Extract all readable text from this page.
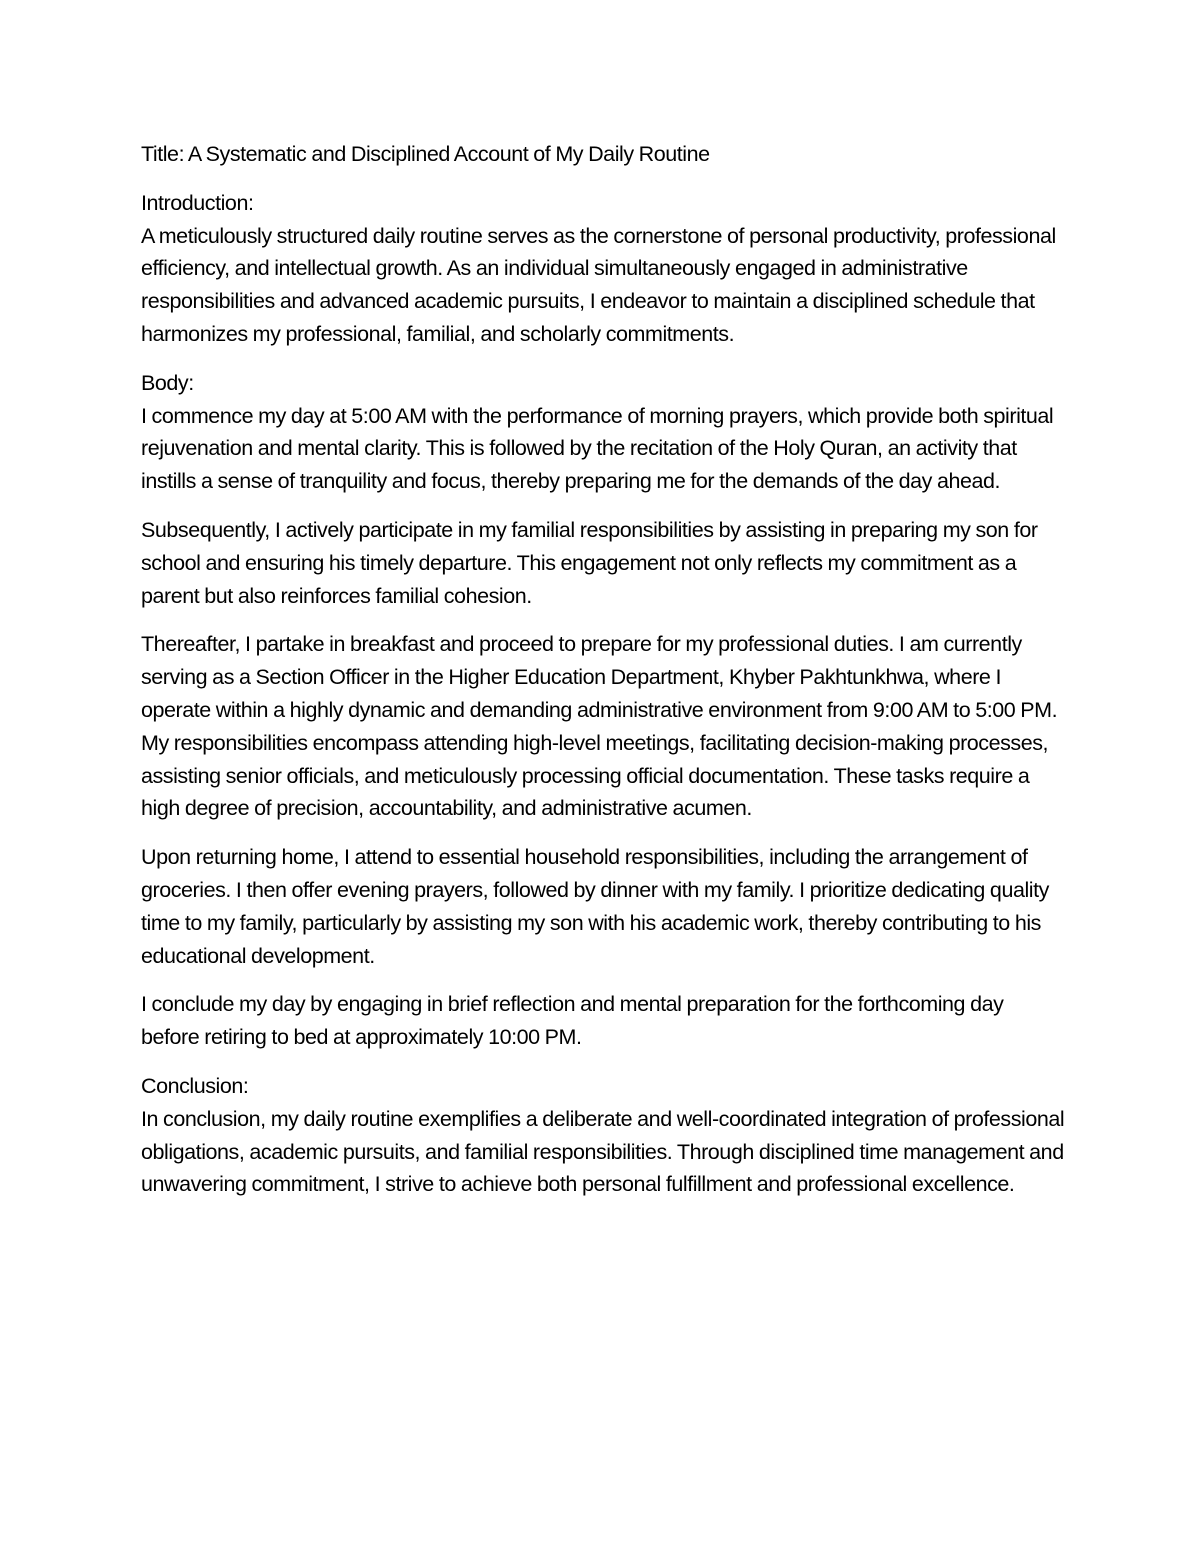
Title: A Systematic and Disciplined Account of My Daily Routine

Introduction:

A meticulously structured daily routine serves as the cornerstone of personal productivity, professional efficiency, and intellectual growth. As an individual simultaneously engaged in administrative responsibilities and advanced academic pursuits, I endeavor to maintain a disciplined schedule that harmonizes my professional, familial, and scholarly commitments.

Body:

I commence my day at 5:00 AM with the performance of morning prayers, which provide both spiritual rejuvenation and mental clarity. This is followed by the recitation of the Holy Quran, an activity that instills a sense of tranquility and focus, thereby preparing me for the demands of the day ahead.

Subsequently, I actively participate in my familial responsibilities by assisting in preparing my son for school and ensuring his timely departure. This engagement not only reflects my commitment as a parent but also reinforces familial cohesion.

Thereafter, I partake in breakfast and proceed to prepare for my professional duties. I am currently serving as a Section Officer in the Higher Education Department, Khyber Pakhtunkhwa, where I operate within a highly dynamic and demanding administrative environment from 9:00 AM to 5:00 PM. My responsibilities encompass attending high-level meetings, facilitating decision-making processes, assisting senior officials, and meticulously processing official documentation. These tasks require a high degree of precision, accountability, and administrative acumen.

Upon returning home, I attend to essential household responsibilities, including the arrangement of groceries. I then offer evening prayers, followed by dinner with my family. I prioritize dedicating quality time to my family, particularly by assisting my son with his academic work, thereby contributing to his educational development.

I conclude my day by engaging in brief reflection and mental preparation for the forthcoming day before retiring to bed at approximately 10:00 PM.

Conclusion:

In conclusion, my daily routine exemplifies a deliberate and well-coordinated integration of professional obligations, academic pursuits, and familial responsibilities. Through disciplined time management and unwavering commitment, I strive to achieve both personal fulfillment and professional excellence.
